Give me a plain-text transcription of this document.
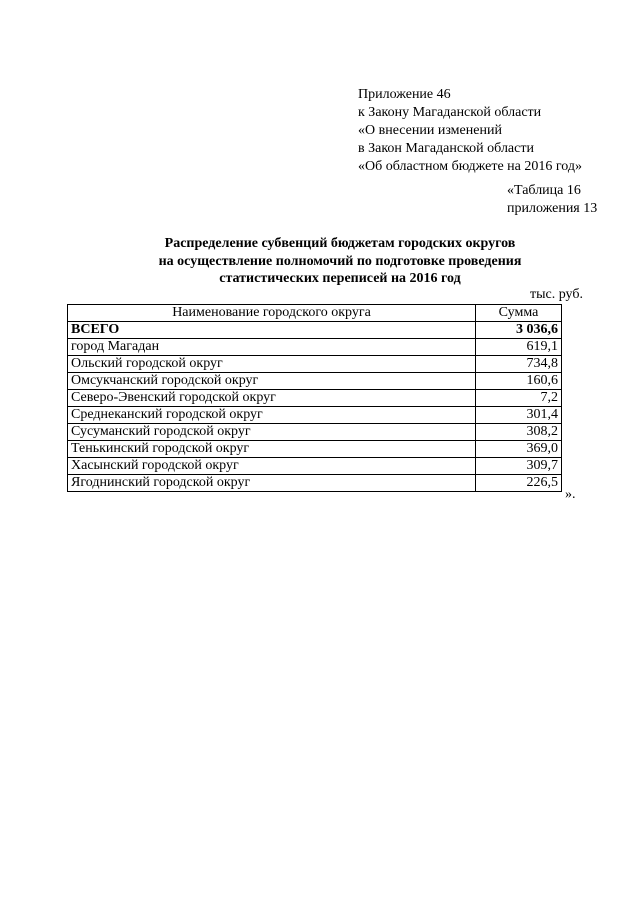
Приложение 46
к Закону Магаданской области
«О внесении изменений
в Закон Магаданской области
«Об областном бюджете на 2016 год»
«Таблица 16
приложения 13
Распределение субвенций бюджетам городских округов
на осуществление полномочий по подготовке проведения
статистических переписей на 2016 год
тыс. руб.
Наименование городского округа	Сумма
ВСЕГО	3 036,6
город Магадан	619,1
Ольский городской округ	734,8
Омсукчанский городской округ	160,6
Северо-Эвенский городской округ	7,2
Среднеканский городской округ	301,4
Сусуманский городской округ	308,2
Тенькинский городской округ	369,0
Хасынский городской округ	309,7
Ягоднинский городской округ	226,5
».
